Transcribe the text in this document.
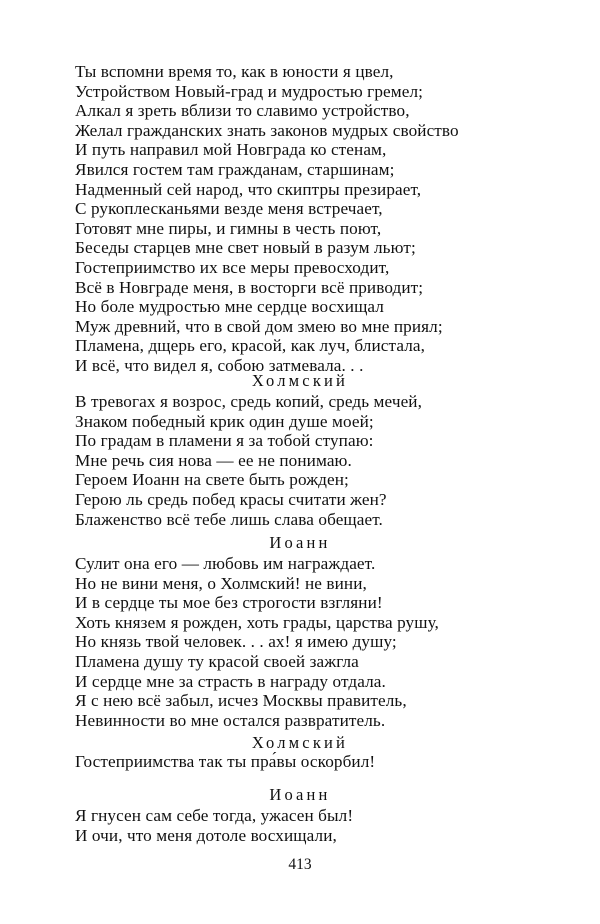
Ты вспомни время то, как в юности я цвел,
Устройством Новый-град и мудростью гремел;
Алкал я зреть вблизи то славимо устройство,
Желал гражданских знать законов мудрых свойство
И путь направил мой Новграда ко стенам,
Явился гостем там гражданам, старшинам;
Надменный сей народ, что скиптры презирает,
С рукоплесканьями везде меня встречает,
Готовят мне пиры, и гимны в честь поют,
Беседы старцев мне свет новый в разум льют;
Гостеприимство их все меры превосходит,
Всё в Новграде меня, в восторги всё приводит;
Но боле мудростью мне сердце восхищал
Муж древний, что в свой дом змею во мне приял;
Пламена, дщерь его, красой, как луч, блистала,
И всё, что видел я, собою затмевала. . .
Холмский
В тревогах я возрос, средь копий, средь мечей,
Знаком победный крик один душе моей;
По градам в пламени я за тобой ступаю:
Мне речь сия нова — ее не понимаю.
Героем Иоанн на свете быть рожден;
Герою ль средь побед красы считати жен?
Блаженство всё тебе лишь слава обещает.
Иоанн
Сулит она его — любовь им награждает.
Но не вини меня, о Холмский! не вини,
И в сердце ты мое без строгости взгляни!
Хоть князем я рожден, хоть грады, царства рушу,
Но князь твой человек. . . ах! я имею душу;
Пламена душу ту красой своей зажгла
И сердце мне за страсть в награду отдала.
Я с нею всё забыл, исчез Москвы правитель,
Невинности во мне остался развратитель.
Холмский
Гостеприимства так ты пра́вы оскорбил!
Иоанн
Я гнусен сам себе тогда, ужасен был!
И очи, что меня дотоле восхищали,
413
